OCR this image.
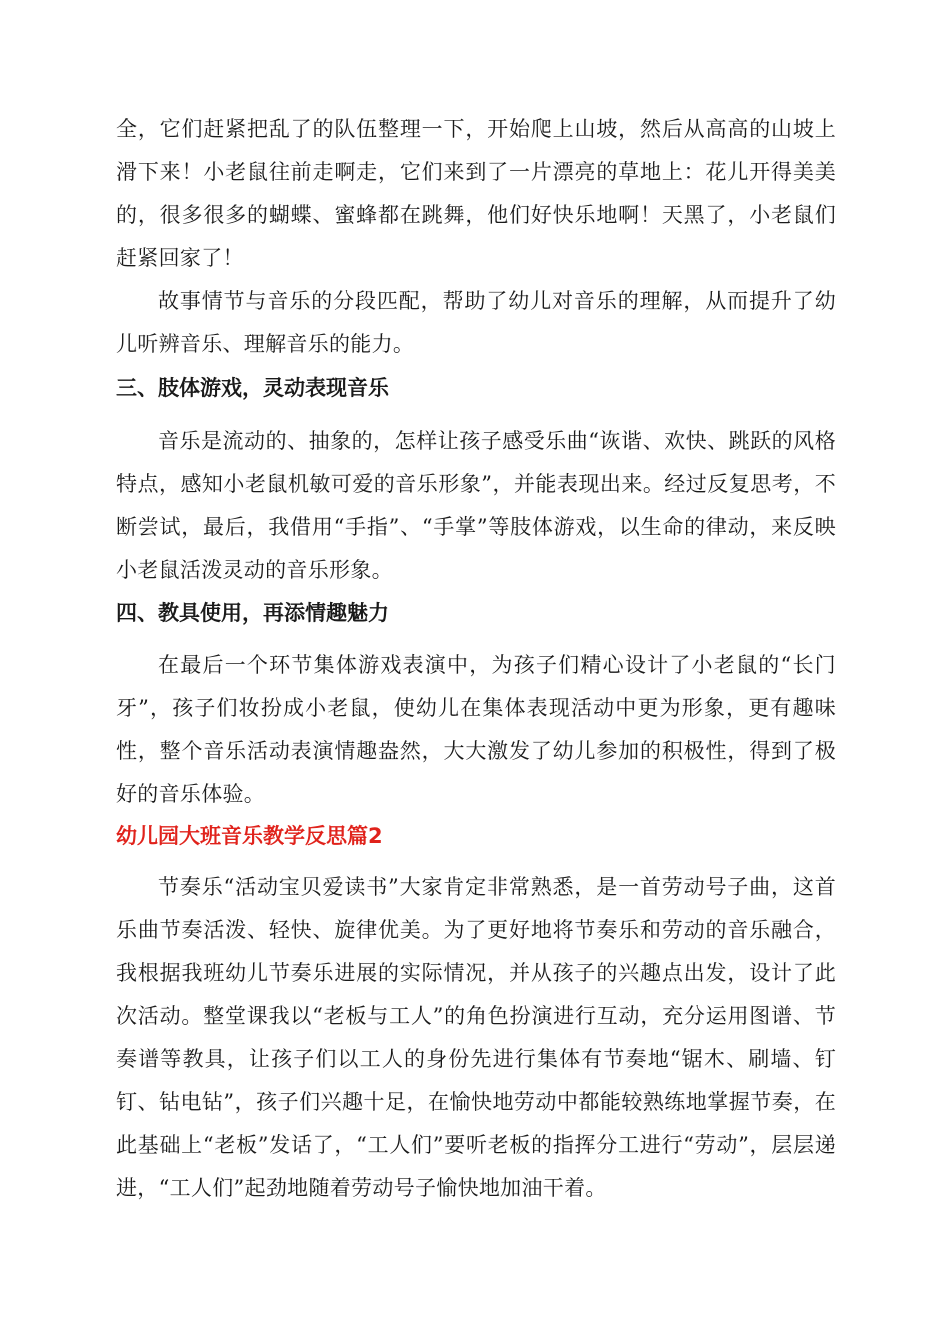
全，它们赶紧把乱了的队伍整理一下，开始爬上山坡，然后从高高的山坡上滑下来！小老鼠往前走啊走，它们来到了一片漂亮的草地上：花儿开得美美的，很多很多的蝴蝶、蜜蜂都在跳舞，他们好快乐地啊！天黑了，小老鼠们赶紧回家了！

故事情节与音乐的分段匹配，帮助了幼儿对音乐的理解，从而提升了幼儿听辨音乐、理解音乐的能力。

三、肢体游戏，灵动表现音乐

音乐是流动的、抽象的，怎样让孩子感受乐曲“诙谐、欢快、跳跃的风格特点，感知小老鼠机敏可爱的音乐形象”，并能表现出来。经过反复思考，不断尝试，最后，我借用“手指”、“手掌”等肢体游戏，以生命的律动，来反映小老鼠活泼灵动的音乐形象。

四、教具使用，再添情趣魅力

在最后一个环节集体游戏表演中，为孩子们精心设计了小老鼠的“长门牙”，孩子们妆扮成小老鼠，使幼儿在集体表现活动中更为形象，更有趣味性，整个音乐活动表演情趣盎然，大大激发了幼儿参加的积极性，得到了极好的音乐体验。

幼儿园大班音乐教学反思篇2

节奏乐“活动宝贝爱读书”大家肯定非常熟悉，是一首劳动号子曲，这首乐曲节奏活泼、轻快、旋律优美。为了更好地将节奏乐和劳动的音乐融合，我根据我班幼儿节奏乐进展的实际情况，并从孩子的兴趣点出发，设计了此次活动。整堂课我以“老板与工人”的角色扮演进行互动，充分运用图谱、节奏谱等教具，让孩子们以工人的身份先进行集体有节奏地“锯木、刷墙、钉钉、钻电钻”，孩子们兴趣十足，在愉快地劳动中都能较熟练地掌握节奏，在此基础上“老板”发话了，“工人们”要听老板的指挥分工进行“劳动”，层层递进，“工人们”起劲地随着劳动号子愉快地加油干着。
